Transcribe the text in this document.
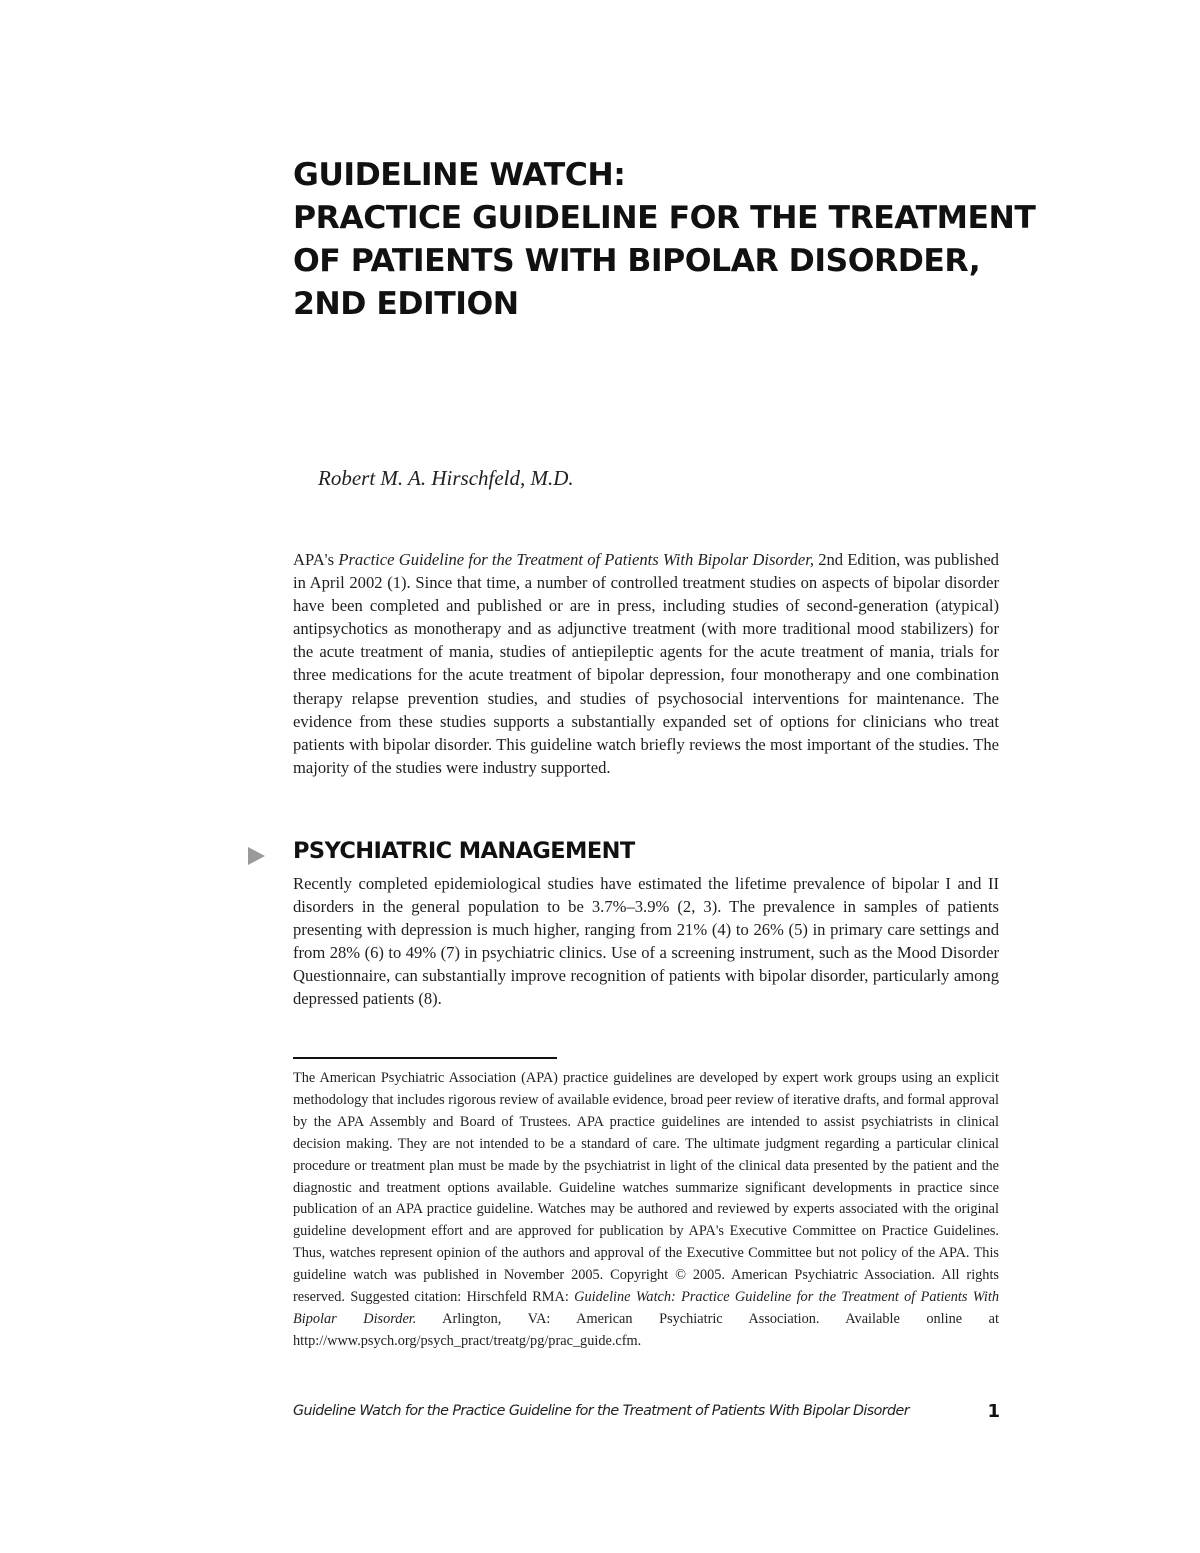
GUIDELINE WATCH:
PRACTICE GUIDELINE FOR THE TREATMENT
OF PATIENTS WITH BIPOLAR DISORDER,
2ND EDITION

Robert M. A. Hirschfeld, M.D.

APA's Practice Guideline for the Treatment of Patients With Bipolar Disorder, 2nd Edition, was published in April 2002 (1). Since that time, a number of controlled treatment studies on aspects of bipolar disorder have been completed and published or are in press, including studies of second-generation (atypical) antipsychotics as monotherapy and as adjunctive treatment (with more traditional mood stabilizers) for the acute treatment of mania, studies of antiepileptic agents for the acute treatment of mania, trials for three medications for the acute treatment of bipolar depression, four monotherapy and one combination therapy relapse prevention studies, and studies of psychosocial interventions for maintenance. The evidence from these studies supports a substantially expanded set of options for clinicians who treat patients with bipolar disorder. This guideline watch briefly reviews the most important of the studies. The majority of the studies were industry supported.

PSYCHIATRIC MANAGEMENT

Recently completed epidemiological studies have estimated the lifetime prevalence of bipolar I and II disorders in the general population to be 3.7%–3.9% (2, 3). The prevalence in samples of patients presenting with depression is much higher, ranging from 21% (4) to 26% (5) in primary care settings and from 28% (6) to 49% (7) in psychiatric clinics. Use of a screening instrument, such as the Mood Disorder Questionnaire, can substantially improve recognition of patients with bipolar disorder, particularly among depressed patients (8).

The American Psychiatric Association (APA) practice guidelines are developed by expert work groups using an explicit methodology that includes rigorous review of available evidence, broad peer review of iterative drafts, and formal approval by the APA Assembly and Board of Trustees. APA practice guidelines are intended to assist psychiatrists in clinical decision making. They are not intended to be a standard of care. The ultimate judgment regarding a particular clinical procedure or treatment plan must be made by the psychiatrist in light of the clinical data presented by the patient and the diagnostic and treatment options available. Guideline watches summarize significant developments in practice since publication of an APA practice guideline. Watches may be authored and reviewed by experts associated with the original guideline development effort and are approved for publication by APA's Executive Committee on Practice Guidelines. Thus, watches represent opinion of the authors and approval of the Executive Committee but not policy of the APA. This guideline watch was published in November 2005. Copyright © 2005. American Psychiatric Association. All rights reserved. Suggested citation: Hirschfeld RMA: Guideline Watch: Practice Guideline for the Treatment of Patients With Bipolar Disorder. Arlington, VA: American Psychiatric Association. Available online at http://www.psych.org/psych_pract/treatg/pg/prac_guide.cfm.

Guideline Watch for the Practice Guideline for the Treatment of Patients With Bipolar Disorder	1
